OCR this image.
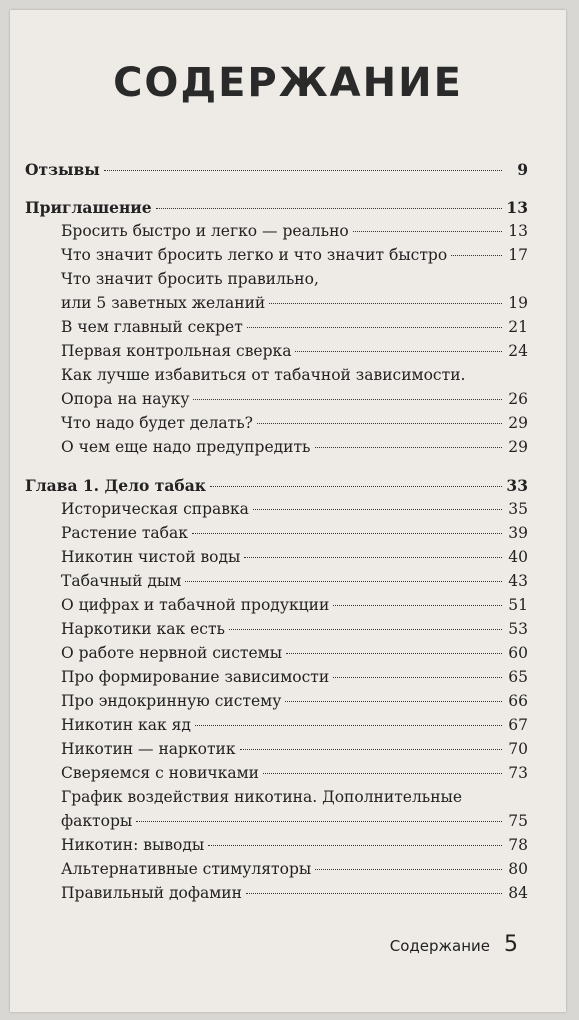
СОДЕРЖАНИЕ
Отзывы	9
Приглашение	13
Бросить быстро и легко — реально	13
Что значит бросить легко и что значит быстро	17
Что значит бросить правильно,
или 5 заветных желаний	19
В чем главный секрет	21
Первая контрольная сверка	24
Как лучше избавиться от табачной зависимости.
Опора на науку	26
Что надо будет делать?	29
О чем еще надо предупредить	29
Глава 1. Дело табак	33
Историческая справка	35
Растение табак	39
Никотин чистой воды	40
Табачный дым	43
О цифрах и табачной продукции	51
Наркотики как есть	53
О работе нервной системы	60
Про формирование зависимости	65
Про эндокринную систему	66
Никотин как яд	67
Никотин — наркотик	70
Сверяемся с новичками	73
График воздействия никотина. Дополнительные
факторы	75
Никотин: выводы	78
Альтернативные стимуляторы	80
Правильный дофамин	84
Содержание 5
